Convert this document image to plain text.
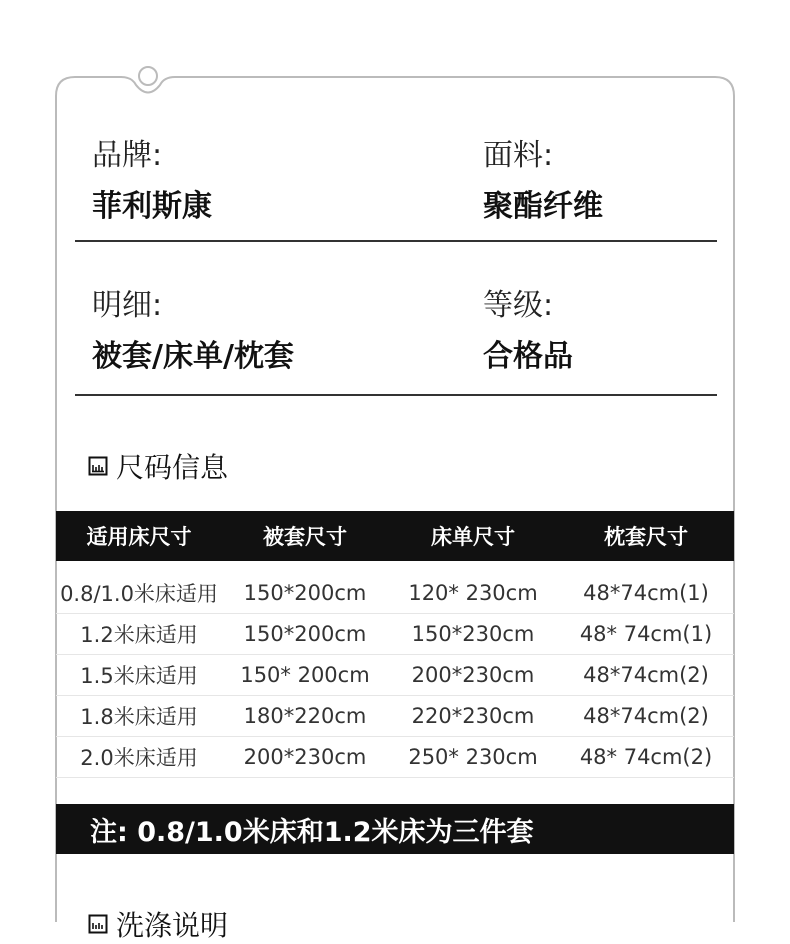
品牌:
菲利斯康
面料:
聚酯纤维
明细:
被套/床单/枕套
等级:
合格品
尺码信息
适用床尺寸	被套尺寸	床单尺寸	枕套尺寸
0.8/1.0米床适用	150*200cm	120* 230cm	48*74cm(1)
1.2米床适用	150*200cm	150*230cm	48* 74cm(1)
1.5米床适用	150* 200cm	200*230cm	48*74cm(2)
1.8米床适用	180*220cm	220*230cm	48*74cm(2)
2.0米床适用	200*230cm	250* 230cm	48* 74cm(2)
注: 0.8/1.0米床和1.2米床为三件套
洗涤说明
